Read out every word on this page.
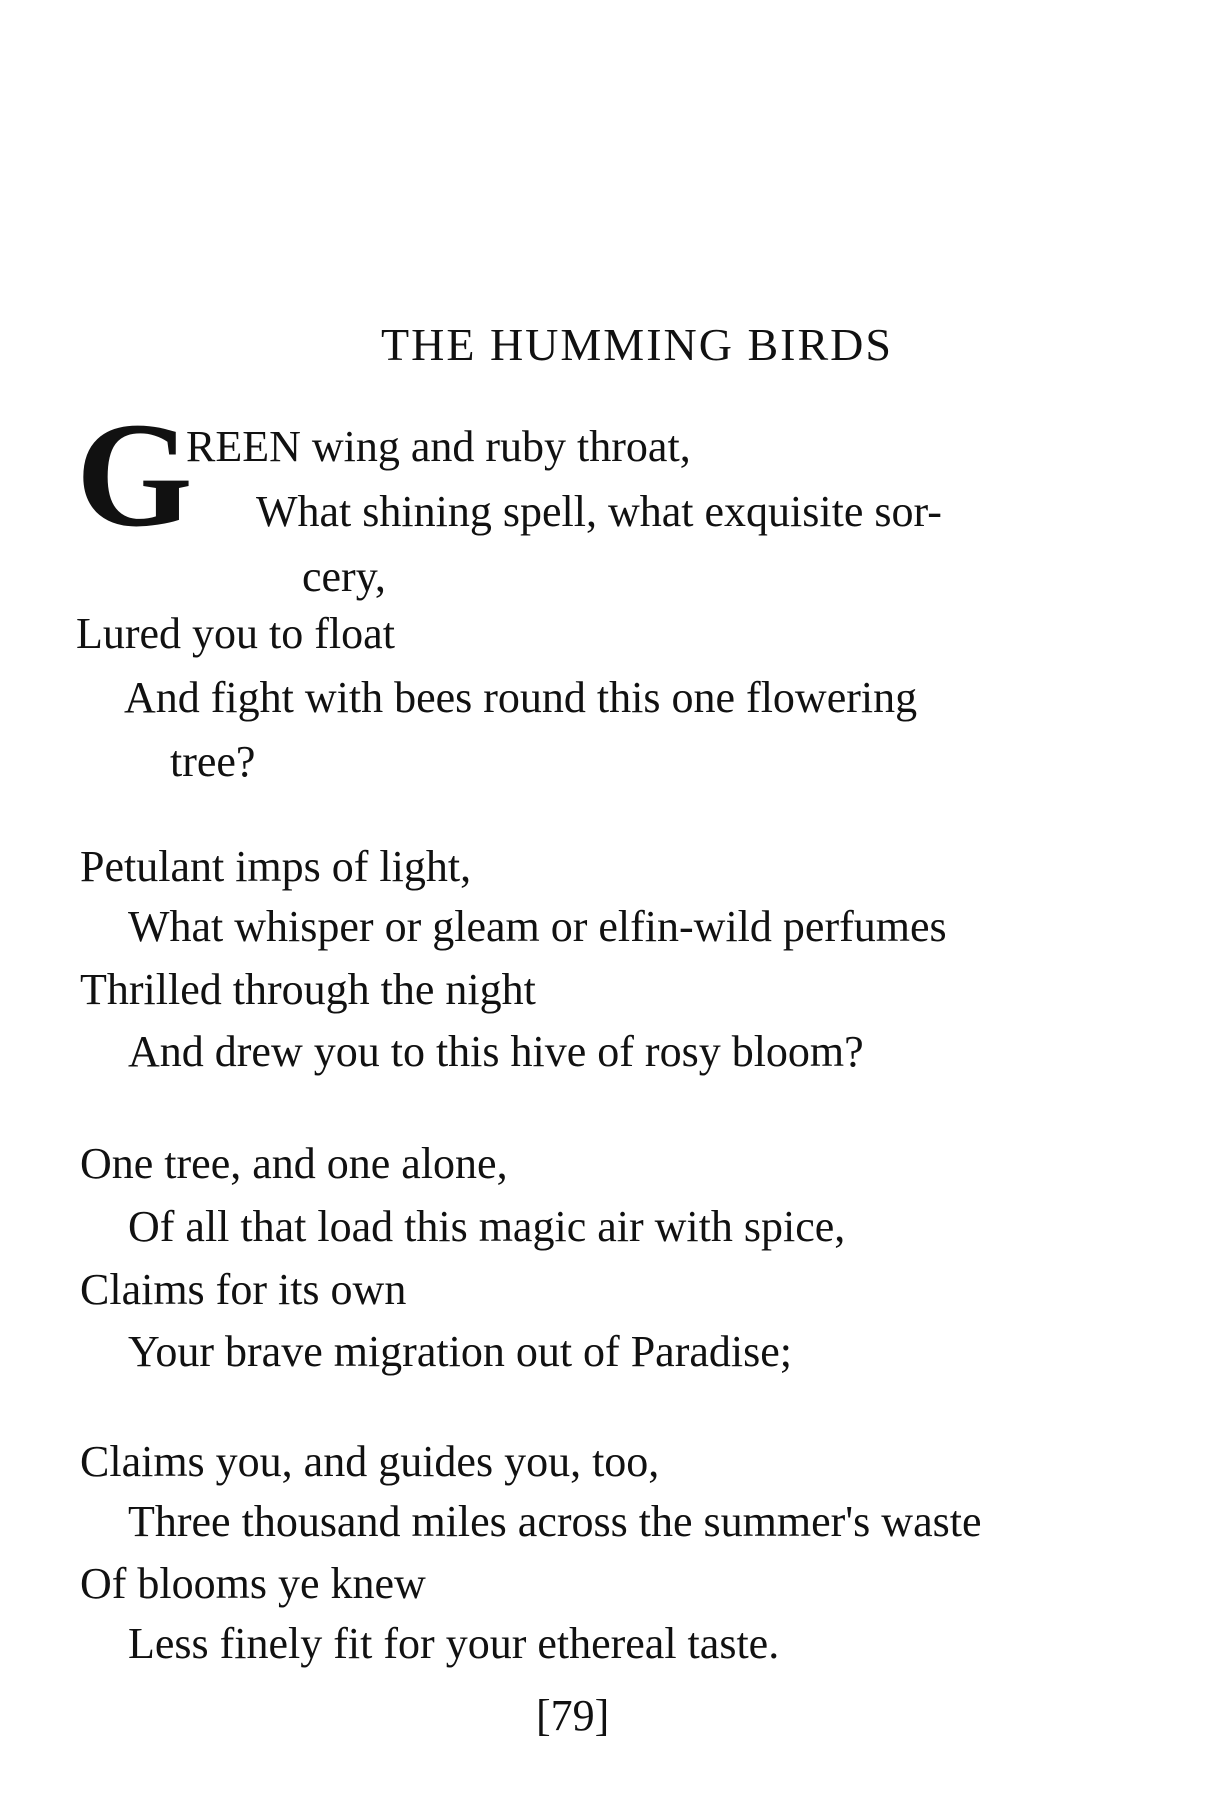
THE HUMMING BIRDS
G
REEN wing and ruby throat,
What shining spell, what exquisite sor-
cery,
Lured you to float
And fight with bees round this one flowering
tree?
Petulant imps of light,
What whisper or gleam or elfin-wild perfumes
Thrilled through the night
And drew you to this hive of rosy bloom?
One tree, and one alone,
Of all that load this magic air with spice,
Claims for its own
Your brave migration out of Paradise;
Claims you, and guides you, too,
Three thousand miles across the summer's waste
Of blooms ye knew
Less finely fit for your ethereal taste.
[79]
